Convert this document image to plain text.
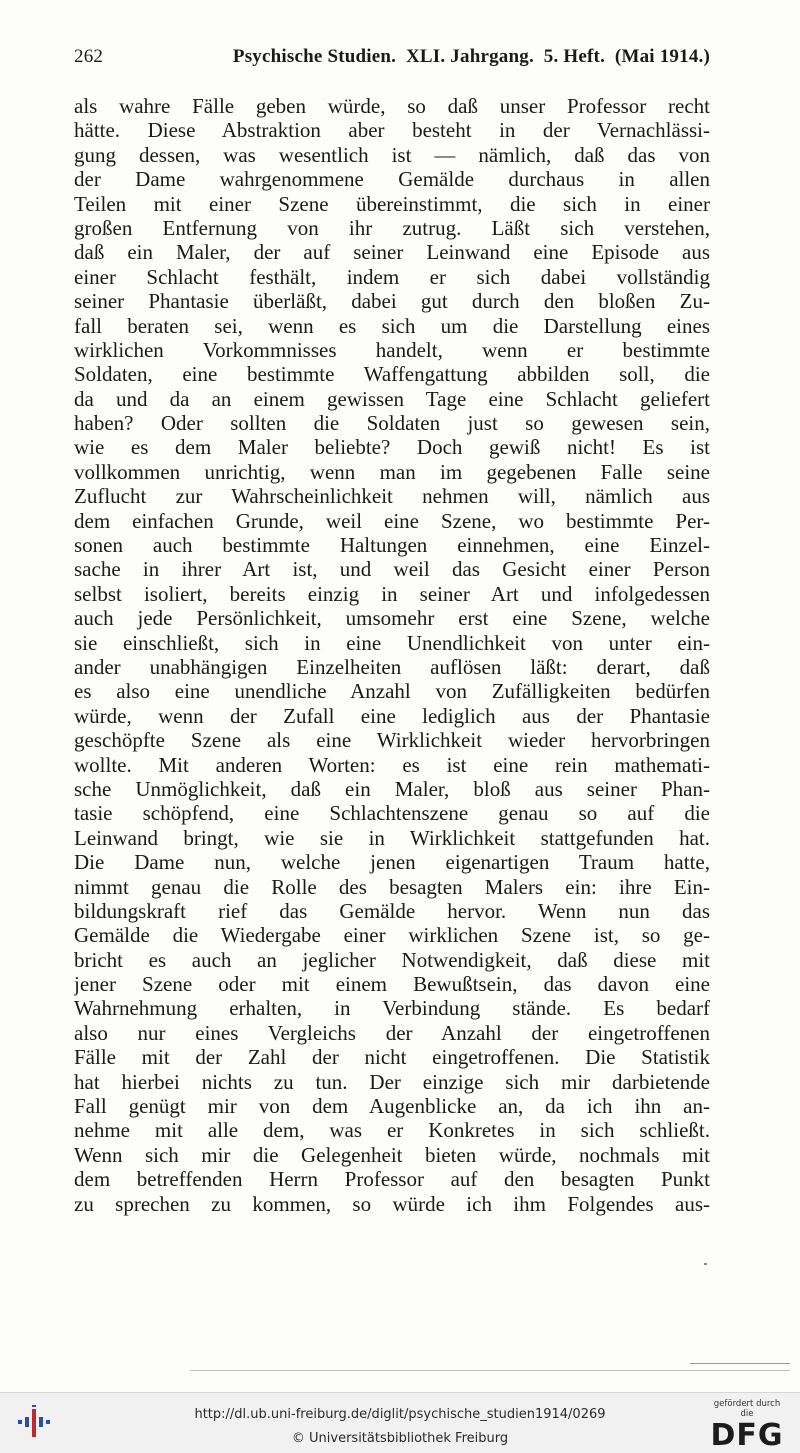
262	Psychische Studien.  XLI. Jahrgang.  5. Heft.  (Mai 1914.)
als wahre Fälle geben würde, so daß unser Professor recht
hätte. Diese Abstraktion aber besteht in der Vernachlässi-
gung dessen, was wesentlich ist — nämlich, daß das von
der Dame wahrgenommene Gemälde durchaus in allen
Teilen mit einer Szene übereinstimmt, die sich in einer
großen Entfernung von ihr zutrug. Läßt sich verstehen,
daß ein Maler, der auf seiner Leinwand eine Episode aus
einer Schlacht festhält, indem er sich dabei vollständig
seiner Phantasie überläßt, dabei gut durch den bloßen Zu-
fall beraten sei, wenn es sich um die Darstellung eines
wirklichen Vorkommnisses handelt, wenn er bestimmte
Soldaten, eine bestimmte Waffengattung abbilden soll, die
da und da an einem gewissen Tage eine Schlacht geliefert
haben? Oder sollten die Soldaten just so gewesen sein,
wie es dem Maler beliebte? Doch gewiß nicht! Es ist
vollkommen unrichtig, wenn man im gegebenen Falle seine
Zuflucht zur Wahrscheinlichkeit nehmen will, nämlich aus
dem einfachen Grunde, weil eine Szene, wo bestimmte Per-
sonen auch bestimmte Haltungen einnehmen, eine Einzel-
sache in ihrer Art ist, und weil das Gesicht einer Person
selbst isoliert, bereits einzig in seiner Art und infolgedessen
auch jede Persönlichkeit, umsomehr erst eine Szene, welche
sie einschließt, sich in eine Unendlichkeit von unter ein-
ander unabhängigen Einzelheiten auflösen läßt: derart, daß
es also eine unendliche Anzahl von Zufälligkeiten bedürfen
würde, wenn der Zufall eine lediglich aus der Phantasie
geschöpfte Szene als eine Wirklichkeit wieder hervorbringen
wollte. Mit anderen Worten: es ist eine rein mathemati-
sche Unmöglichkeit, daß ein Maler, bloß aus seiner Phan-
tasie schöpfend, eine Schlachtenszene genau so auf die
Leinwand bringt, wie sie in Wirklichkeit stattgefunden hat.
Die Dame nun, welche jenen eigenartigen Traum hatte,
nimmt genau die Rolle des besagten Malers ein: ihre Ein-
bildungskraft rief das Gemälde hervor. Wenn nun das
Gemälde die Wiedergabe einer wirklichen Szene ist, so ge-
bricht es auch an jeglicher Notwendigkeit, daß diese mit
jener Szene oder mit einem Bewußtsein, das davon eine
Wahrnehmung erhalten, in Verbindung stände. Es bedarf
also nur eines Vergleichs der Anzahl der eingetroffenen
Fälle mit der Zahl der nicht eingetroffenen. Die Statistik
hat hierbei nichts zu tun. Der einzige sich mir darbietende
Fall genügt mir von dem Augenblicke an, da ich ihn an-
nehme mit alle dem, was er Konkretes in sich schließt.
Wenn sich mir die Gelegenheit bieten würde, nochmals mit
dem betreffenden Herrn Professor auf den besagten Punkt
zu sprechen zu kommen, so würde ich ihm Folgendes aus-
http://dl.ub.uni-freiburg.de/diglit/psychische_studien1914/0269
© Universitätsbibliothek Freiburg
gefördert durch die
DFG
